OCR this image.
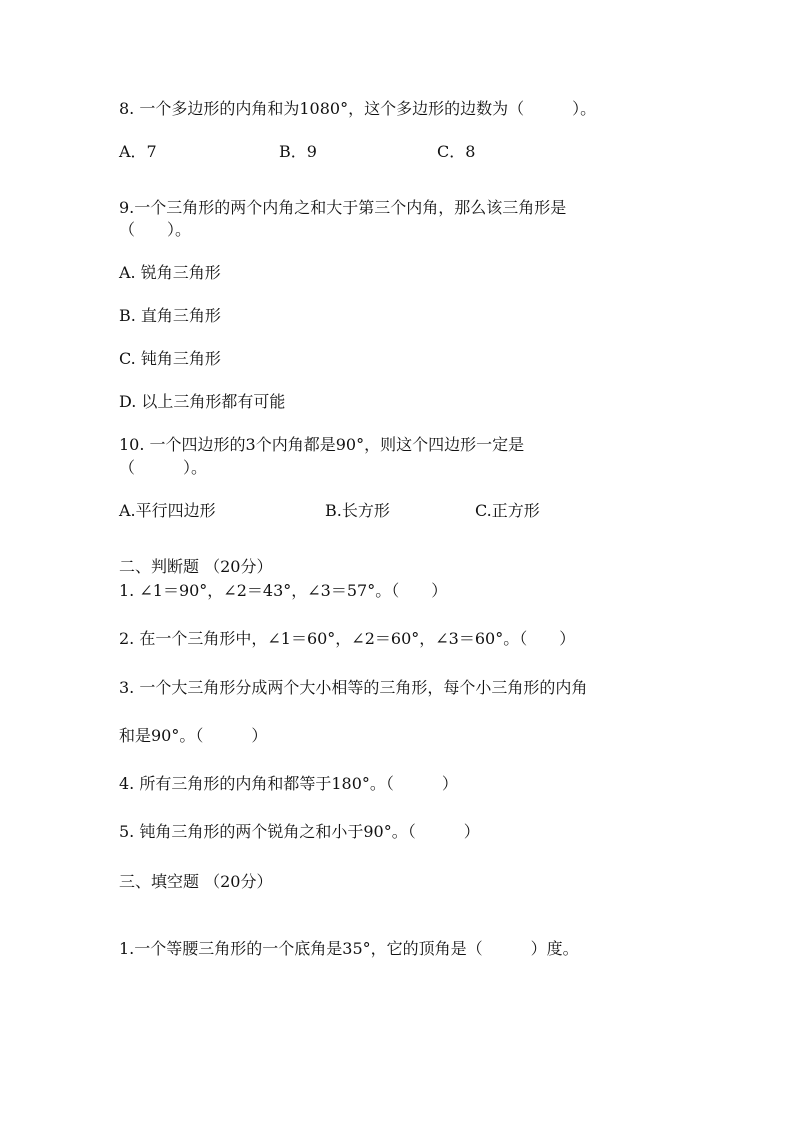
8. 一个多边形的内角和为1080°，这个多边形的边数为（　　　）。
A．7	B．9	C．8
9.一个三角形的两个内角之和大于第三个内角，那么该三角形是
（　　）。
A. 锐角三角形
B. 直角三角形
C. 钝角三角形
D. 以上三角形都有可能
10. 一个四边形的3个内角都是90°，则这个四边形一定是
（　　　）。
A.平行四边形	B.长方形	C.正方形
二、判断题 （20分）
1. ∠1＝90°，∠2＝43°，∠3＝57°。（　　）
2. 在一个三角形中，∠1＝60°，∠2＝60°，∠3＝60°。（　　）
3. 一个大三角形分成两个大小相等的三角形，每个小三角形的内角
和是90°。（　　　）
4. 所有三角形的内角和都等于180°。（　　　）
5. 钝角三角形的两个锐角之和小于90°。（　　　）
三、填空题 （20分）
1.一个等腰三角形的一个底角是35°，它的顶角是（　　　）度。
